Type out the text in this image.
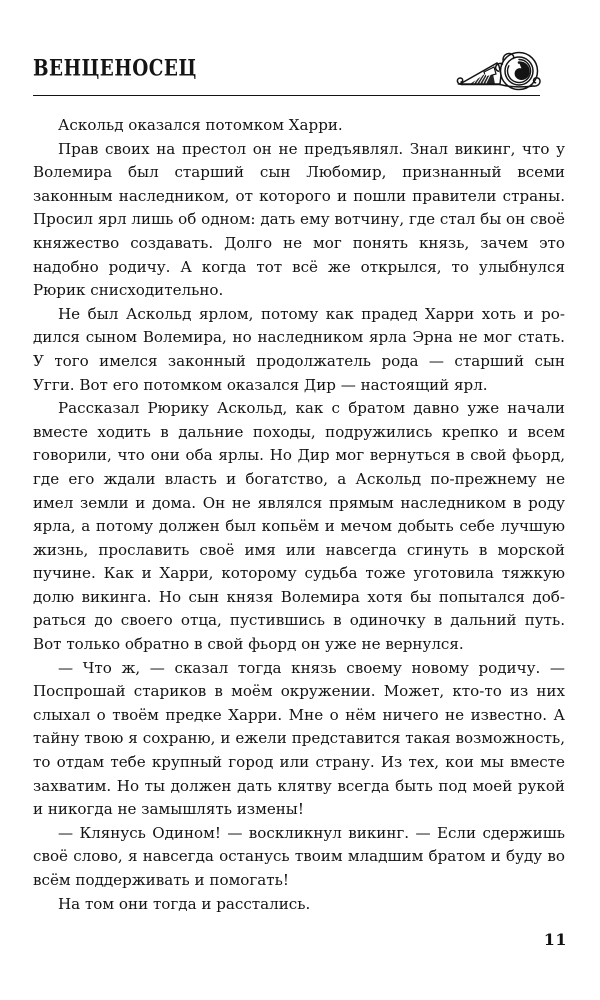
ВЕНЦЕНОСЕЦ

Аскольд оказался потомком Харри.

Прав своих на престол он не предъявлял. Знал викинг, что у Волемира был старший сын Любомир, признанный всеми законным наследником, от которого и пошли правители страны. Просил ярл лишь об одном: дать ему вотчину, где стал бы он своё княжество создавать. Долго не мог понять князь, зачем это надобно родичу. А когда тот всё же открылся, то улыбнулся Рюрик снисходительно.

Не был Аскольд ярлом, потому как прадед Харри хоть и родился сыном Волемира, но наследником ярла Эрна не мог стать. У того имелся законный продолжатель рода — старший сын Угги. Вот его потомком оказался Дир — настоящий ярл.

Рассказал Рюрику Аскольд, как с братом давно уже начали вместе ходить в дальние походы, подружились крепко и всем говорили, что они оба ярлы. Но Дир мог вернуться в свой фьорд, где его ждали власть и богатство, а Аскольд по-прежнему не имел земли и дома. Он не являлся прямым наследником в роду ярла, а потому должен был копьём и мечом добыть себе лучшую жизнь, прославить своё имя или навсегда сгинуть в морской пучине. Как и Харри, которому судьба тоже уготовила тяжкую долю викинга. Но сын князя Волемира хотя бы попытался добраться до своего отца, пустившись в одиночку в дальний путь. Вот только обратно в свой фьорд он уже не вернулся.

— Что ж, — сказал тогда князь своему новому родичу. — Поспрошай стариков в моём окружении. Может, кто-то из них слыхал о твоём предке Харри. Мне о нём ничего не известно. А тайну твою я сохраню, и ежели представится такая возможность, то отдам тебе крупный город или страну. Из тех, кои мы вместе захватим. Но ты должен дать клятву всегда быть под моей рукой и никогда не замышлять измены!

— Клянусь Одином! — воскликнул викинг. — Если сдержишь своё слово, я навсегда останусь твоим младшим братом и буду во всём поддерживать и помогать!

На том они тогда и расстались.

11
